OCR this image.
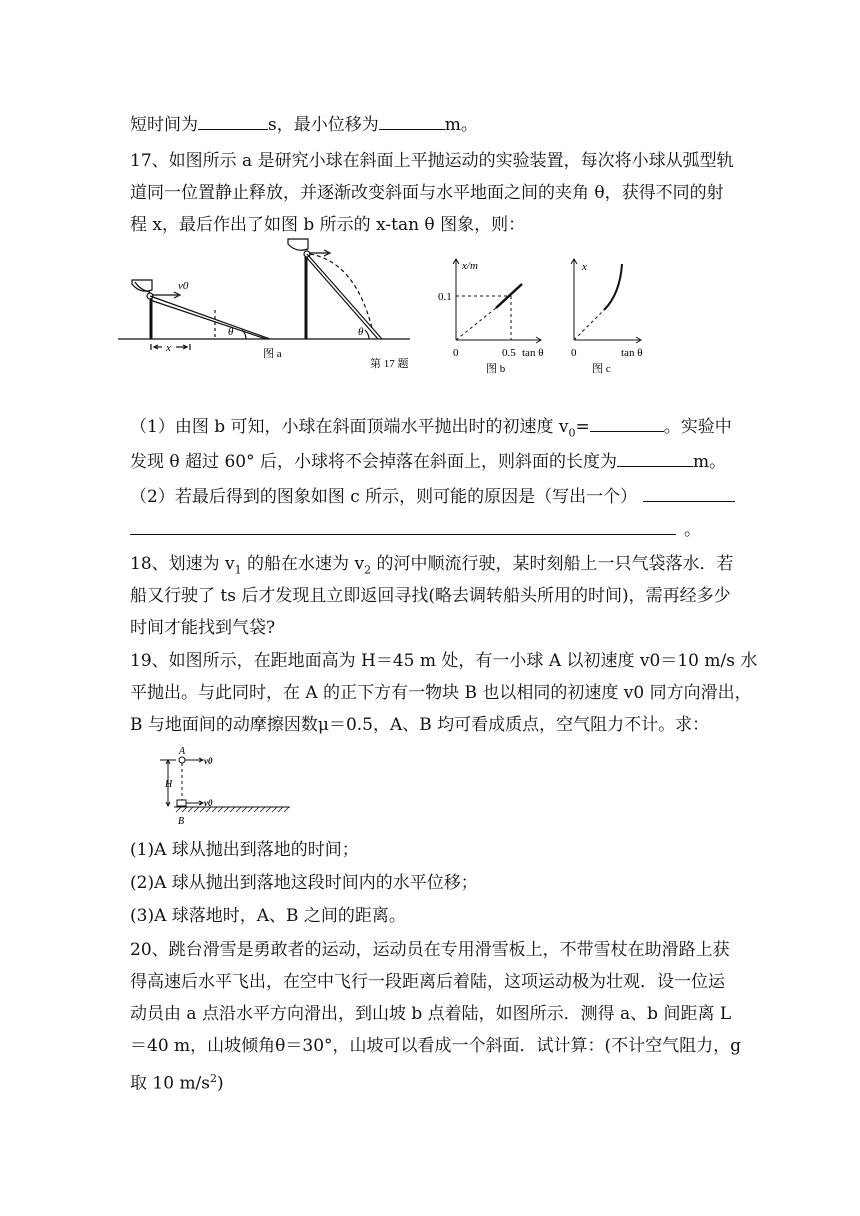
短时间为	s，最小位移为	m。
17、如图所示 a 是研究小球在斜面上平抛运动的实验装置，每次将小球从弧型轨
道同一位置静止释放，并逐渐改变斜面与水平地面之间的夹角 θ，获得不同的射
程 x，最后作出了如图 b 所示的 x-tan θ 图象，则：
v0
θ
x	图 a
θ
第 17 题
x/m
0.1
0	0.5 tan θ
图 b
x
0	tan θ
图 c
（1）由图 b 可知，小球在斜面顶端水平抛出时的初速度 $v_0=$	。实验中
发现 θ 超过 60° 后，小球将不会掉落在斜面上，则斜面的长度为	m。
（2）若最后得到的图象如图 c 所示，则可能的原因是（写出一个）
。
18、划速为 $v_1$ 的船在水速为 $v_2$ 的河中顺流行驶，某时刻船上一只气袋落水．若
船又行驶了 ts 后才发现且立即返回寻找(略去调转船头所用的时间)，需再经多少
时间才能找到气袋?
19、如图所示，在距地面高为 H＝45 m 处，有一小球 A 以初速度 v0＝10 m/s 水
平抛出。与此同时，在 A 的正下方有一物块 B 也以相同的初速度 v0 同方向滑出，
B 与地面间的动摩擦因数μ＝0.5，A、B 均可看成质点，空气阻力不计。求：
A
v0
H
v0
B
(1)A 球从抛出到落地的时间；
(2)A 球从抛出到落地这段时间内的水平位移；
(3)A 球落地时，A、B 之间的距离。
20、跳台滑雪是勇敢者的运动，运动员在专用滑雪板上，不带雪杖在助滑路上获
得高速后水平飞出，在空中飞行一段距离后着陆，这项运动极为壮观．设一位运
动员由 a 点沿水平方向滑出，到山坡 b 点着陆，如图所示．测得 a、b 间距离 L
＝40 m，山坡倾角θ＝30°，山坡可以看成一个斜面．试计算：(不计空气阻力，g
取 10 $m/s^2$)
